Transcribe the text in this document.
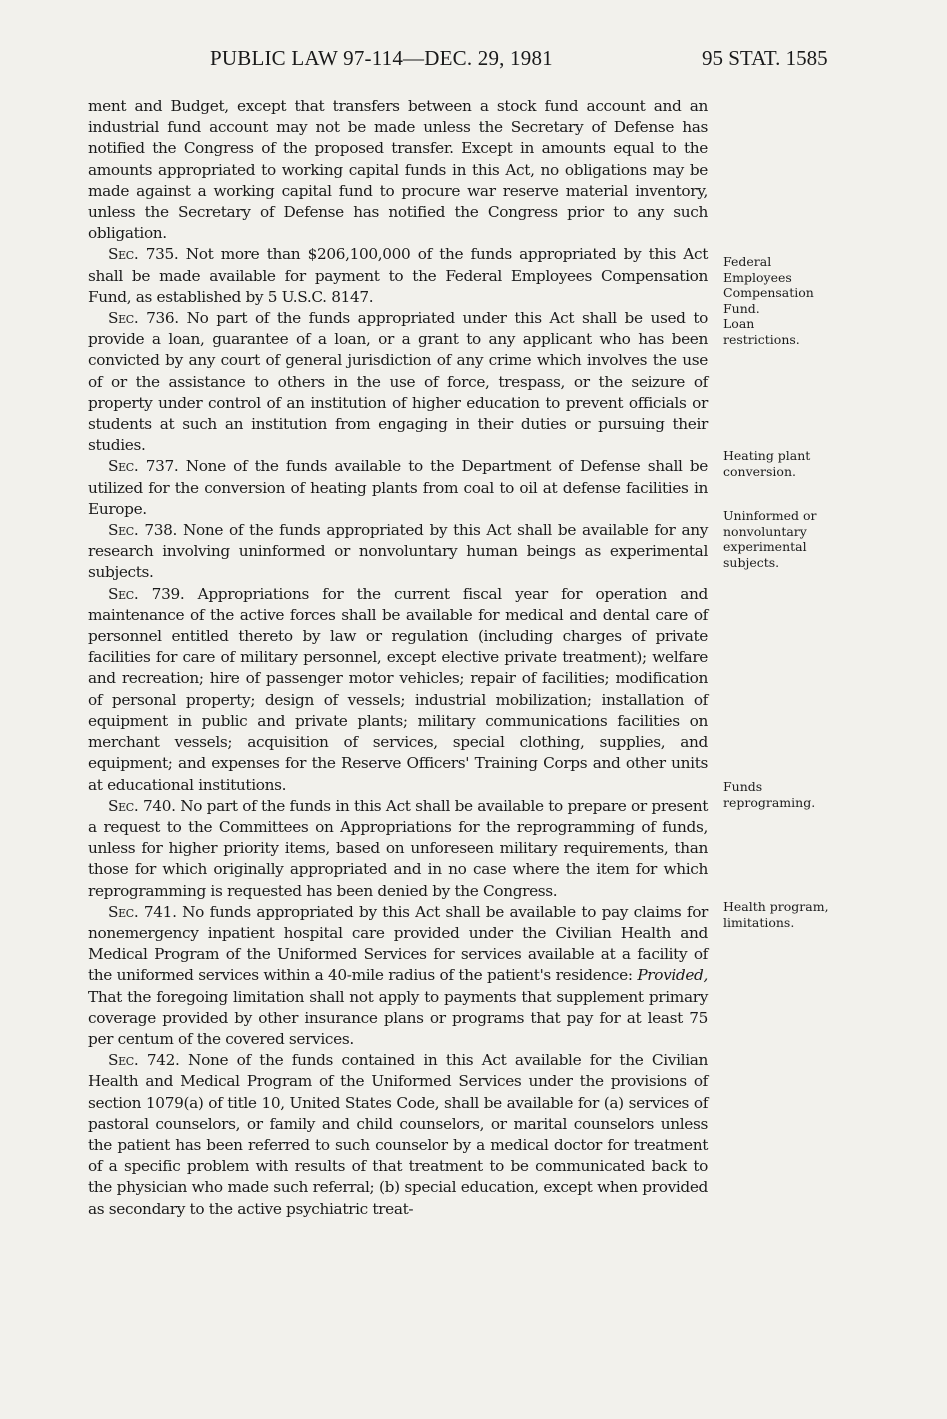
PUBLIC LAW 97-114—DEC. 29, 1981	95 STAT. 1585

ment and Budget, except that transfers between a stock fund account and an industrial fund account may not be made unless the Secretary of Defense has notified the Congress of the proposed transfer. Except in amounts equal to the amounts appropriated to working capital funds in this Act, no obligations may be made against a working capital fund to procure war reserve material inventory, unless the Secretary of Defense has notified the Congress prior to any such obligation.

Sec. 735. Not more than $206,100,000 of the funds appropriated by this Act shall be made available for payment to the Federal Employees Compensation Fund, as established by 5 U.S.C. 8147.

Sec. 736. No part of the funds appropriated under this Act shall be used to provide a loan, guarantee of a loan, or a grant to any applicant who has been convicted by any court of general jurisdiction of any crime which involves the use of or the assistance to others in the use of force, trespass, or the seizure of property under control of an institution of higher education to prevent officials or students at such an institution from engaging in their duties or pursuing their studies.

Sec. 737. None of the funds available to the Department of Defense shall be utilized for the conversion of heating plants from coal to oil at defense facilities in Europe.

Sec. 738. None of the funds appropriated by this Act shall be available for any research involving uninformed or nonvoluntary human beings as experimental subjects.

Sec. 739. Appropriations for the current fiscal year for operation and maintenance of the active forces shall be available for medical and dental care of personnel entitled thereto by law or regulation (including charges of private facilities for care of military personnel, except elective private treatment); welfare and recreation; hire of passenger motor vehicles; repair of facilities; modification of personal property; design of vessels; industrial mobilization; installation of equipment in public and private plants; military communications facilities on merchant vessels; acquisition of services, special clothing, supplies, and equipment; and expenses for the Reserve Officers' Training Corps and other units at educational institutions.

Sec. 740. No part of the funds in this Act shall be available to prepare or present a request to the Committees on Appropriations for the reprogramming of funds, unless for higher priority items, based on unforeseen military requirements, than those for which originally appropriated and in no case where the item for which reprogramming is requested has been denied by the Congress.

Sec. 741. No funds appropriated by this Act shall be available to pay claims for nonemergency inpatient hospital care provided under the Civilian Health and Medical Program of the Uniformed Services for services available at a facility of the uniformed services within a 40-mile radius of the patient's residence: Provided, That the foregoing limitation shall not apply to payments that supplement primary coverage provided by other insurance plans or programs that pay for at least 75 per centum of the covered services.

Sec. 742. None of the funds contained in this Act available for the Civilian Health and Medical Program of the Uniformed Services under the provisions of section 1079(a) of title 10, United States Code, shall be available for (a) services of pastoral counselors, or family and child counselors, or marital counselors unless the patient has been referred to such counselor by a medical doctor for treatment of a specific problem with results of that treatment to be communicated back to the physician who made such referral; (b) special education, except when provided as secondary to the active psychiatric treat-

Federal
Employees
Compensation
Fund.
Loan
restrictions.
Heating plant
conversion.
Uninformed or
nonvoluntary
experimental
subjects.
Funds
reprograming.
Health program,
limitations.
